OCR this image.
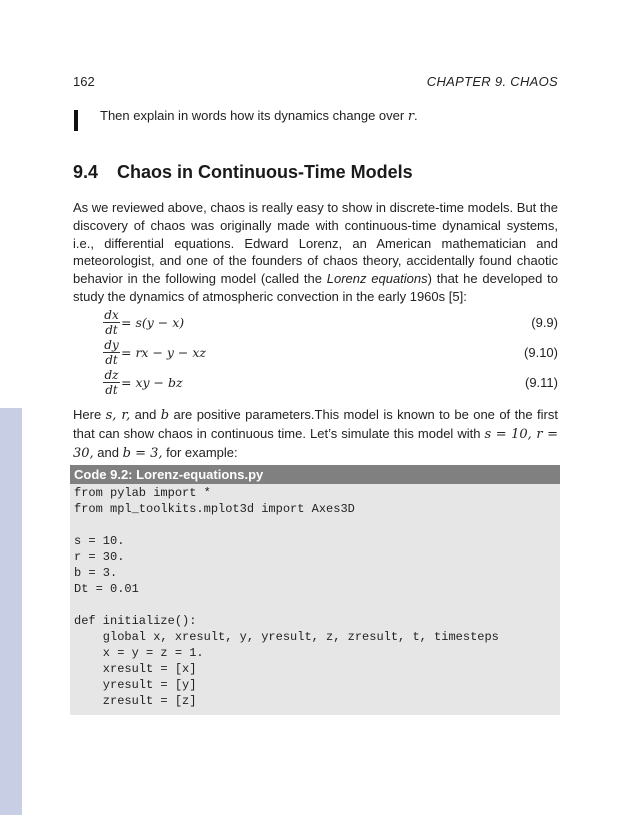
162	CHAPTER 9. CHAOS
Then explain in words how its dynamics change over r.
9.4 Chaos in Continuous-Time Models
As we reviewed above, chaos is really easy to show in discrete-time models. But the discovery of chaos was originally made with continuous-time dynamical systems, i.e., differential equations. Edward Lorenz, an American mathematician and meteorologist, and one of the founders of chaos theory, accidentally found chaotic behavior in the following model (called the Lorenz equations) that he developed to study the dynamics of atmospheric convection in the early 1960s [5]:
$\frac{dx}{dt} = s(y - x)$	(9.9)
$\frac{dy}{dt}$ = rx − y − xz	(9.10)
$\frac{dz}{dt}$ = xy − bz	(9.11)
Here s, r, and b are positive parameters.This model is known to be one of the first that can show chaos in continuous time. Let’s simulate this model with s = 10, r = 30, and b = 3, for example:
Code 9.2: Lorenz-equations.py
from pylab import *
from mpl_toolkits.mplot3d import Axes3D
s = 10.
r = 30.
b = 3.
Dt = 0.01
def initialize():
global x, xresult, y, yresult, z, zresult, t, timesteps
x = y = z = 1.
xresult = [x]
yresult = [y]
zresult = [z]
